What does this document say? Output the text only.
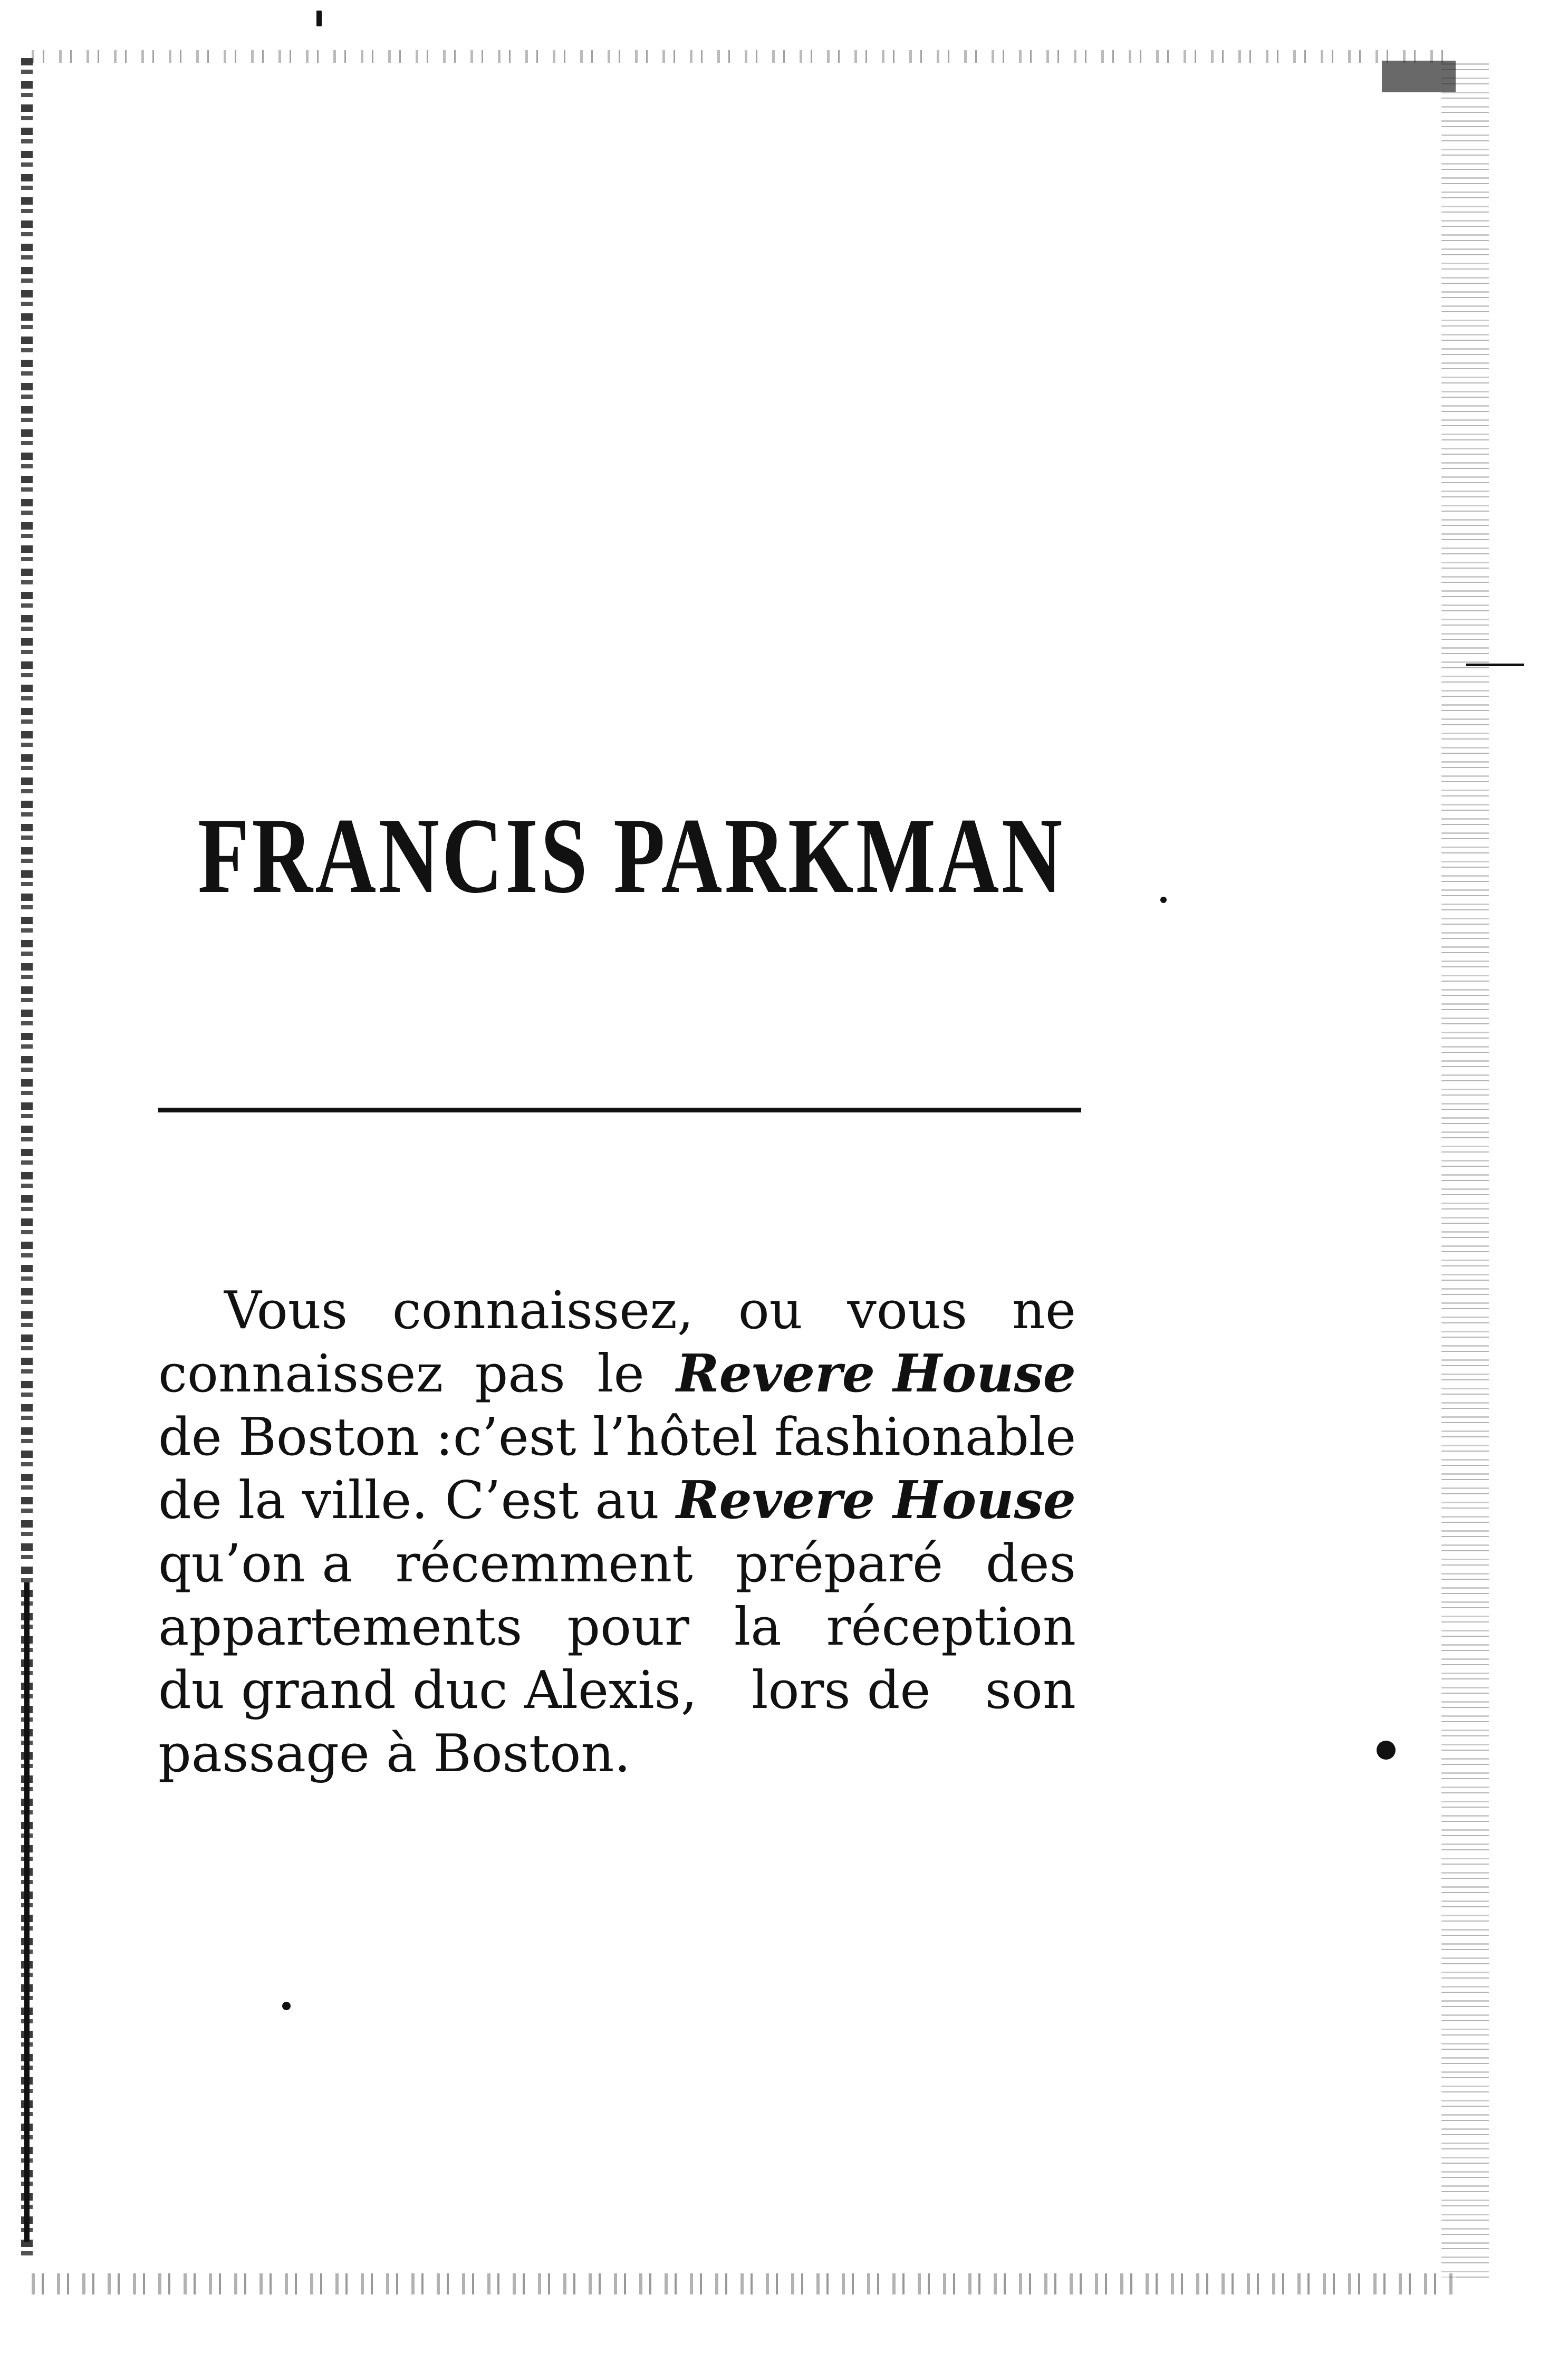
FRANCIS PARKMAN
Vous connaissez, ou vous ne
connaissez pas le Revere House
de Boston : c’est l’hôtel fashionable
de la ville. C’est au Revere House
qu’on a récemment préparé des
appartements pour la réception
du grand duc Alexis, lors de son
passage à Boston.
